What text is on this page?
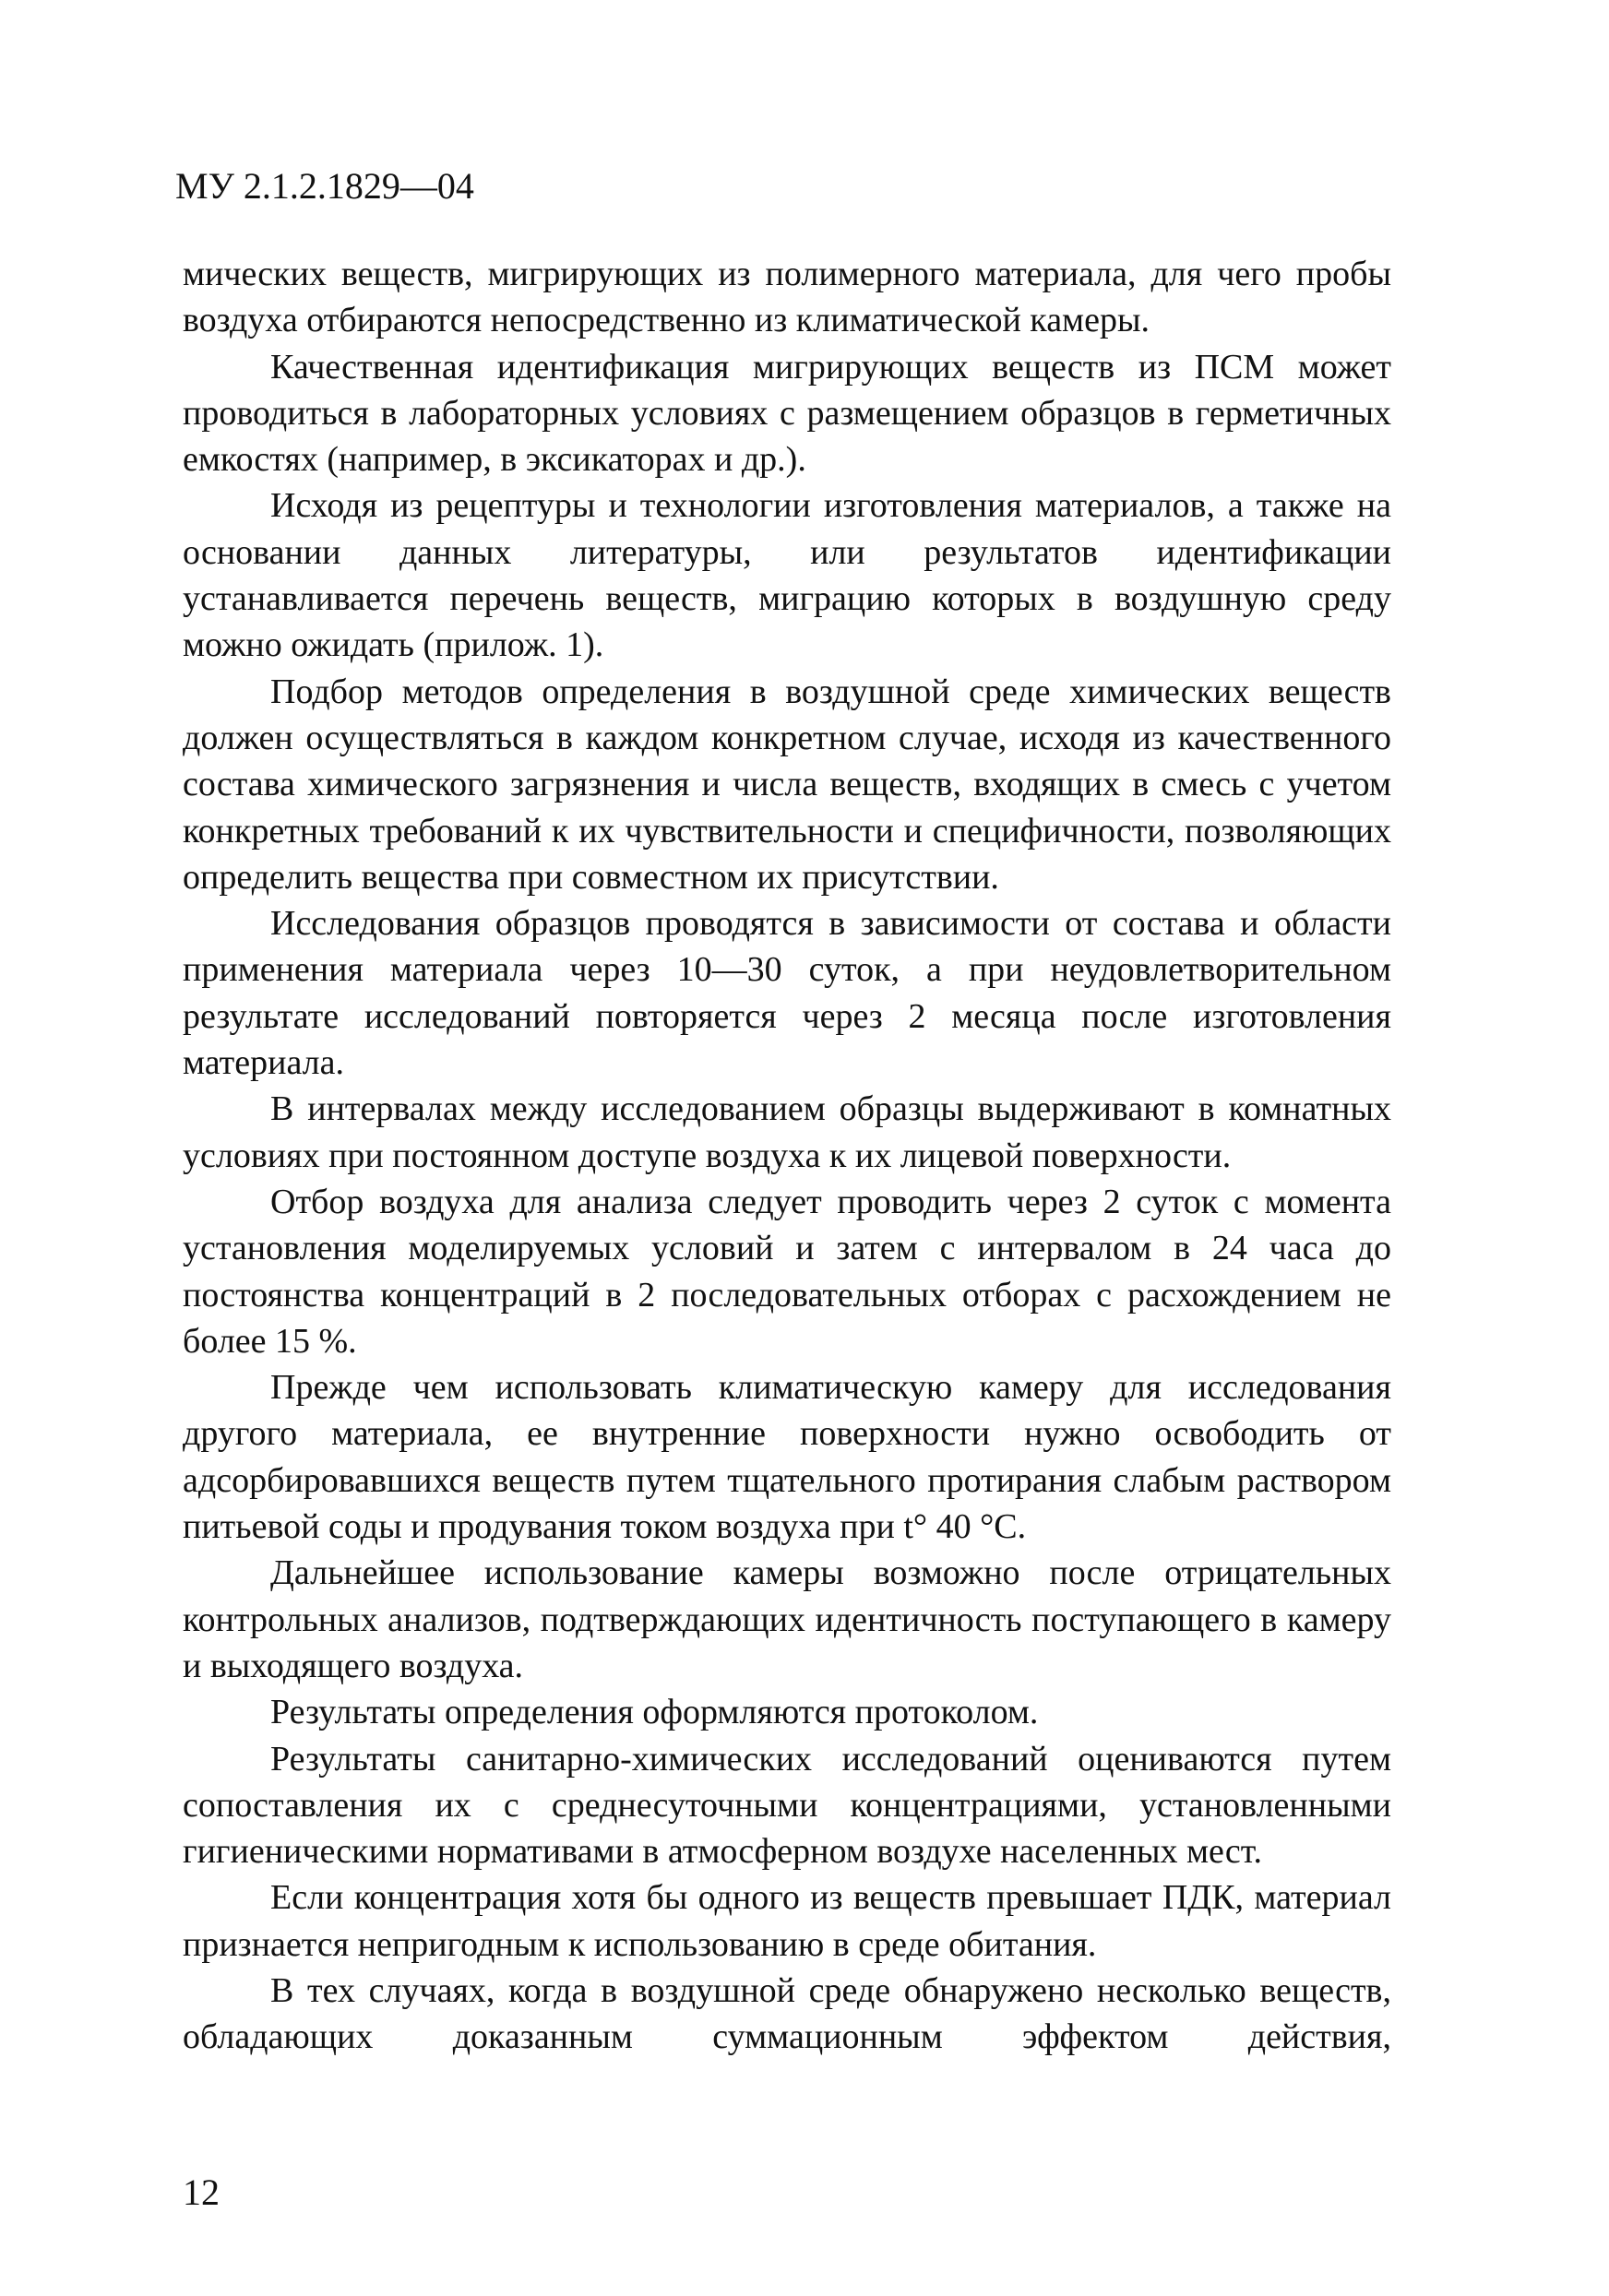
МУ 2.1.2.1829—04

мических веществ, мигрирующих из полимерного материала, для чего пробы воздуха отбираются непосредственно из климатической камеры.

Качественная идентификация мигрирующих веществ из ПСМ может проводиться в лабораторных условиях с размещением образцов в герметичных емкостях (например, в эксикаторах и др.).

Исходя из рецептуры и технологии изготовления материалов, а также на основании данных литературы, или результатов идентификации устанавливается перечень веществ, миграцию которых в воздушную среду можно ожидать (прилож. 1).

Подбор методов определения в воздушной среде химических веществ должен осуществляться в каждом конкретном случае, исходя из качественного состава химического загрязнения и числа веществ, входящих в смесь с учетом конкретных требований к их чувствительности и специфичности, позволяющих определить вещества при совместном их присутствии.

Исследования образцов проводятся в зависимости от состава и области применения материала через 10—30 суток, а при неудовлетворительном результате исследований повторяется через 2 месяца после изготовления материала.

В интервалах между исследованием образцы выдерживают в комнатных условиях при постоянном доступе воздуха к их лицевой поверхности.

Отбор воздуха для анализа следует проводить через 2 суток с момента установления моделируемых условий и затем с интервалом в 24 часа до постоянства концентраций в 2 последовательных отборах с расхождением не более 15 %.

Прежде чем использовать климатическую камеру для исследования другого материала, ее внутренние поверхности нужно освободить от адсорбировавшихся веществ путем тщательного протирания слабым раствором питьевой соды и продувания током воздуха при t° 40 °С.

Дальнейшее использование камеры возможно после отрицательных контрольных анализов, подтверждающих идентичность поступающего в камеру и выходящего воздуха.

Результаты определения оформляются протоколом.

Результаты санитарно-химических исследований оцениваются путем сопоставления их с среднесуточными концентрациями, установленными гигиеническими нормативами в атмосферном воздухе населенных мест.

Если концентрация хотя бы одного из веществ превышает ПДК, материал признается непригодным к использованию в среде обитания.

В тех случаях, когда в воздушной среде обнаружено несколько веществ, обладающих доказанным суммационным эффектом действия,

12
